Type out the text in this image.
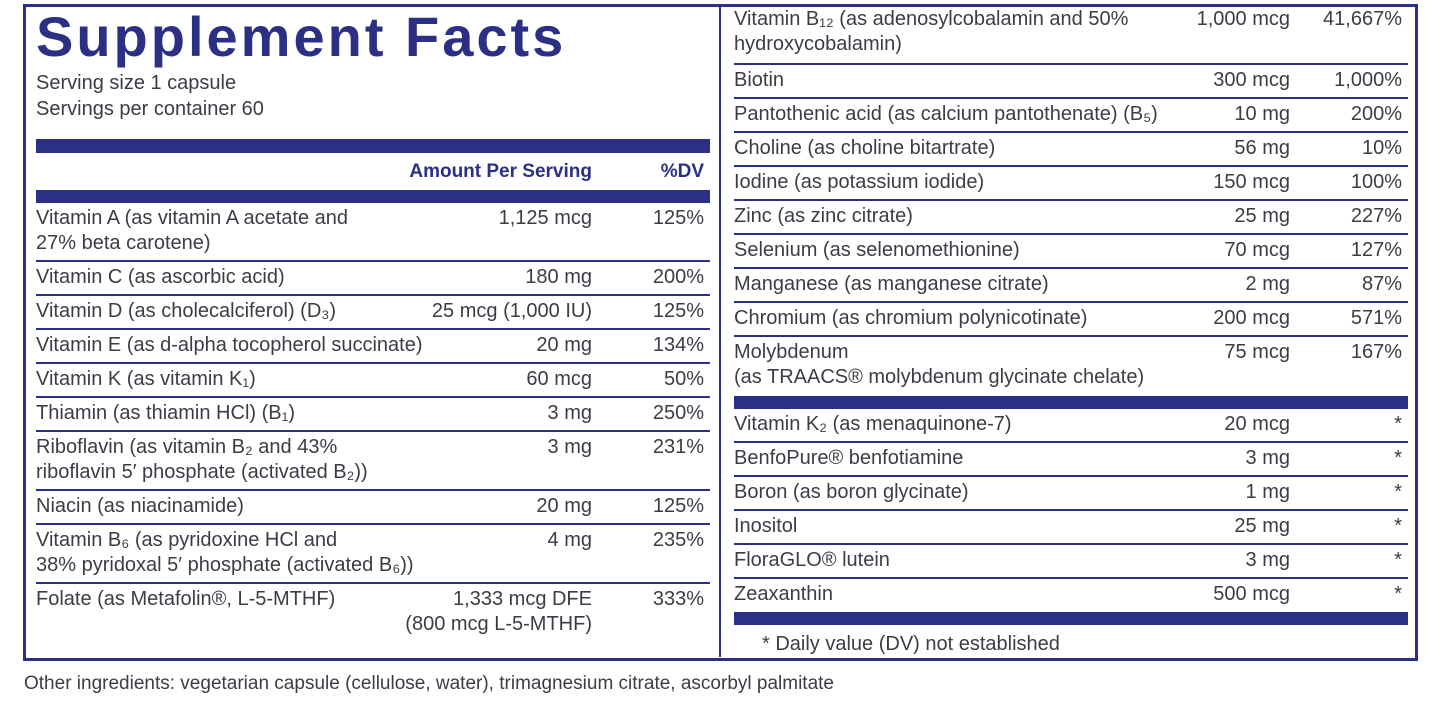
Supplement Facts
Serving size 1 capsule
Servings per container 60
Amount Per Serving	%DV
Vitamin A (as vitamin A acetate and
27% beta carotene)
1,125 mcg	125%
Vitamin C (as ascorbic acid)	180 mg	200%
Vitamin D (as cholecalciferol) (D₃)	25 mcg (1,000 IU)	125%
Vitamin E (as d-alpha tocopherol succinate)	20 mg	134%
Vitamin K (as vitamin K₁)	60 mcg	50%
Thiamin (as thiamin HCl) (B₁)	3 mg	250%
Riboflavin (as vitamin B₂ and 43%
riboflavin 5′ phosphate (activated B₂))
3 mg	231%
Niacin (as niacinamide)	20 mg	125%
Vitamin B₆ (as pyridoxine HCl and
38% pyridoxal 5′ phosphate (activated B₆))
4 mg	235%
Folate (as Metafolin®, L-5-MTHF)	1,333 mcg DFE
(800 mcg L-5-MTHF)
333%
Vitamin B₁₂ (as adenosylcobalamin and 50%
hydroxycobalamin)
1,000 mcg 41,667%
Biotin	300 mcg 1,000%
Pantothenic acid (as calcium pantothenate) (B₅)	10 mg	200%
Choline (as choline bitartrate)	56 mg	10%
Iodine (as potassium iodide)	150 mcg	100%
Zinc (as zinc citrate)	25 mg	227%
Selenium (as selenomethionine)	70 mcg	127%
Manganese (as manganese citrate)	2 mg	87%
Chromium (as chromium polynicotinate)	200 mcg	571%
Molybdenum
(as TRAACS® molybdenum glycinate chelate)
75 mcg	167%
Vitamin K₂ (as menaquinone-7)	20 mcg	*
BenfoPure® benfotiamine	3 mg	*
Boron (as boron glycinate)	1 mg	*
Inositol	25 mg	*
FloraGLO® lutein	3 mg	*
Zeaxanthin	500 mcg	*
* Daily value (DV) not established
Other ingredients: vegetarian capsule (cellulose, water), trimagnesium citrate, ascorbyl palmitate
